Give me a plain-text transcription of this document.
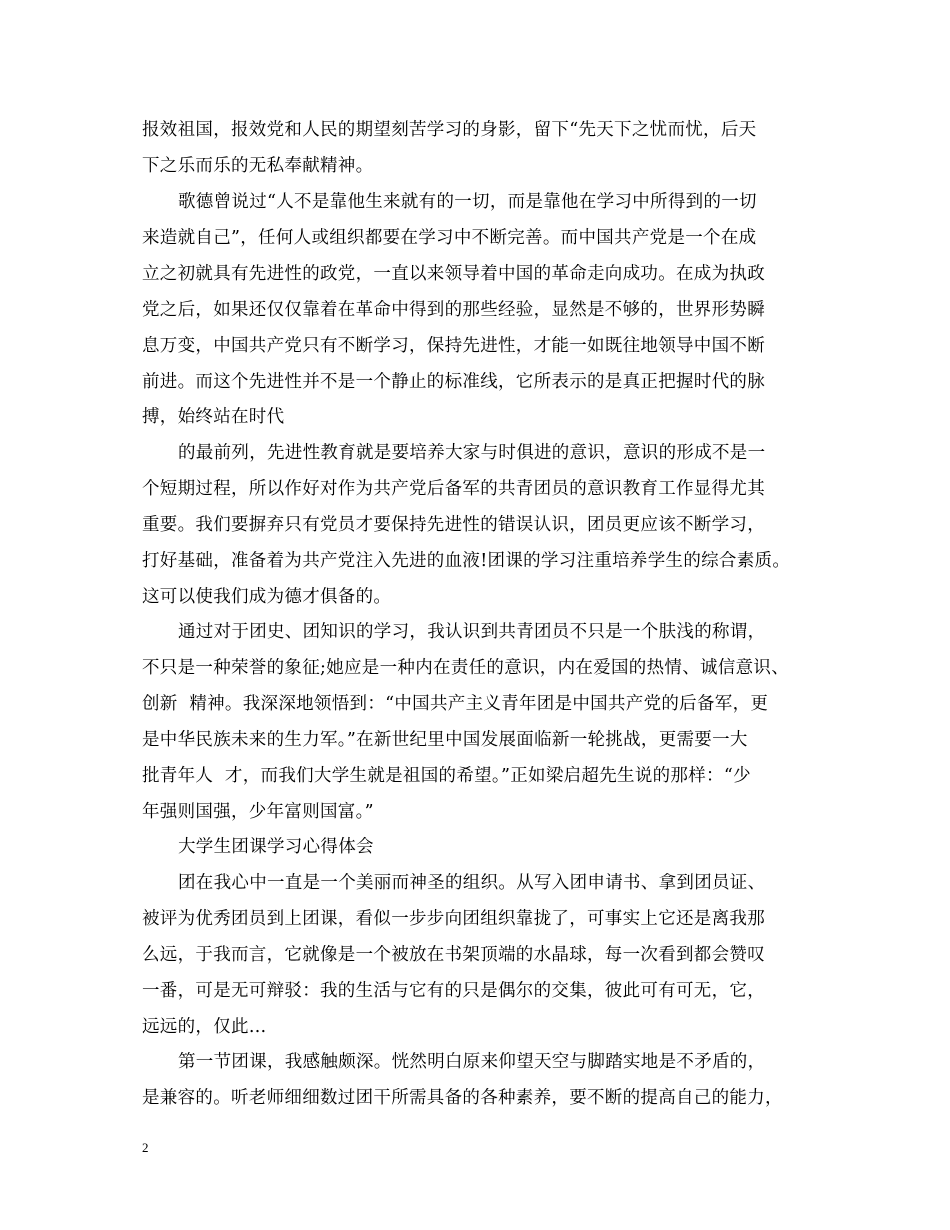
报效祖国，报效党和人民的期望刻苦学习的身影，留下“先天下之忧而忧，后天
下之乐而乐的无私奉献精神。
歌德曾说过“人不是靠他生来就有的一切，而是靠他在学习中所得到的一切
来造就自己”，任何人或组织都要在学习中不断完善。而中国共产党是一个在成
立之初就具有先进性的政党，一直以来领导着中国的革命走向成功。在成为执政
党之后，如果还仅仅靠着在革命中得到的那些经验，显然是不够的，世界形势瞬
息万变，中国共产党只有不断学习，保持先进性，才能一如既往地领导中国不断
前进。而这个先进性并不是一个静止的标准线，它所表示的是真正把握时代的脉
搏，始终站在时代
的最前列，先进性教育就是要培养大家与时俱进的意识，意识的形成不是一
个短期过程，所以作好对作为共产党后备军的共青团员的意识教育工作显得尤其
重要。我们要摒弃只有党员才要保持先进性的错误认识，团员更应该不断学习，
打好基础，准备着为共产党注入先进的血液!团课的学习注重培养学生的综合素质。
这可以使我们成为德才俱备的。
通过对于团史、团知识的学习，我认识到共青团员不只是一个肤浅的称谓，
不只是一种荣誉的象征;她应是一种内在责任的意识，内在爱国的热情、诚信意识、
创新  精神。我深深地领悟到：“中国共产主义青年团是中国共产党的后备军，更
是中华民族未来的生力军。”在新世纪里中国发展面临新一轮挑战，更需要一大
批青年人  才，而我们大学生就是祖国的希望。”正如梁启超先生说的那样：“少
年强则国强，少年富则国富。”
大学生团课学习心得体会
团在我心中一直是一个美丽而神圣的组织。从写入团申请书、拿到团员证、
被评为优秀团员到上团课，看似一步步向团组织靠拢了，可事实上它还是离我那
么远，于我而言，它就像是一个被放在书架顶端的水晶球，每一次看到都会赞叹
一番，可是无可辩驳：我的生活与它有的只是偶尔的交集，彼此可有可无，它，
远远的，仅此…
第一节团课，我感触颇深。恍然明白原来仰望天空与脚踏实地是不矛盾的，
是兼容的。听老师细细数过团干所需具备的各种素养，要不断的提高自己的能力，
2
